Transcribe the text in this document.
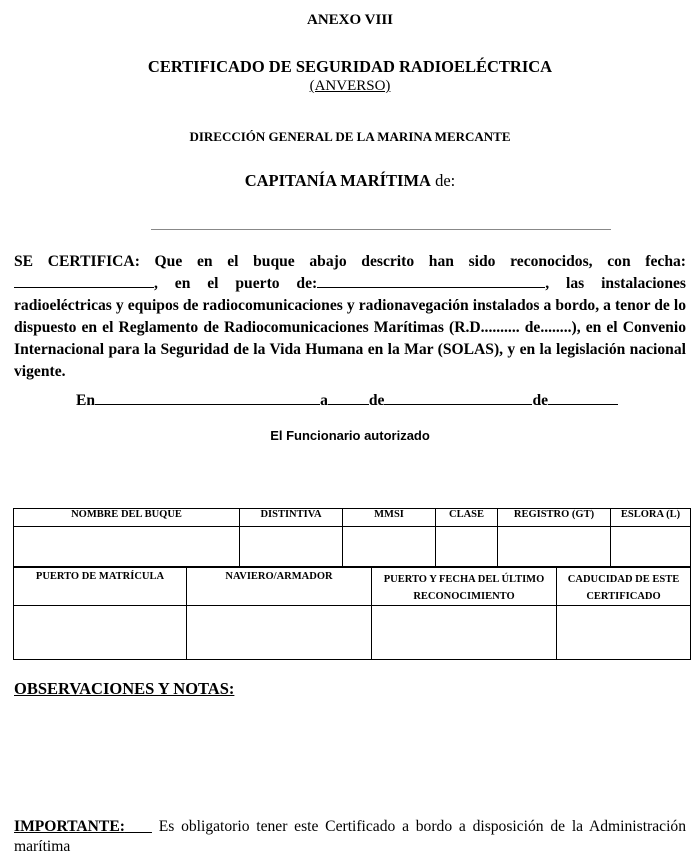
ANEXO VIII
CERTIFICADO DE SEGURIDAD RADIOELÉCTRICA
(ANVERSO)
DIRECCIÓN GENERAL DE LA MARINA MERCANTE
CAPITANÍA MARÍTIMA de:
SE CERTIFICA: Que en el buque abajo descrito han sido reconocidos, con fecha:, en el puerto de:	, las instalaciones radioeléctricas y equipos de radiocomunicaciones y radionavegación instalados a bordo, a tenor de lo dispuesto en el Reglamento de Radiocomunicaciones Marítimas (R.D.......... de........), en el Convenio Internacional para la Seguridad de la Vida Humana en la Mar (SOLAS), y en la legislación nacional vigente.
En	a	de	de
El Funcionario autorizado
NOMBRE DEL BUQUE	DISTINTIVA	MMSI	CLASE	REGISTRO (GT)	ESLORA (L)

PUERTO DE MATRÍCULA	NAVIERO/ARMADOR	PUERTO Y FECHA DEL ÚLTIMO RECONOCIMIENTO	CADUCIDAD DE ESTE CERTIFICADO

OBSERVACIONES Y NOTAS:
IMPORTANTE: Es obligatorio tener este Certificado a bordo a disposición de la Administración marítima
